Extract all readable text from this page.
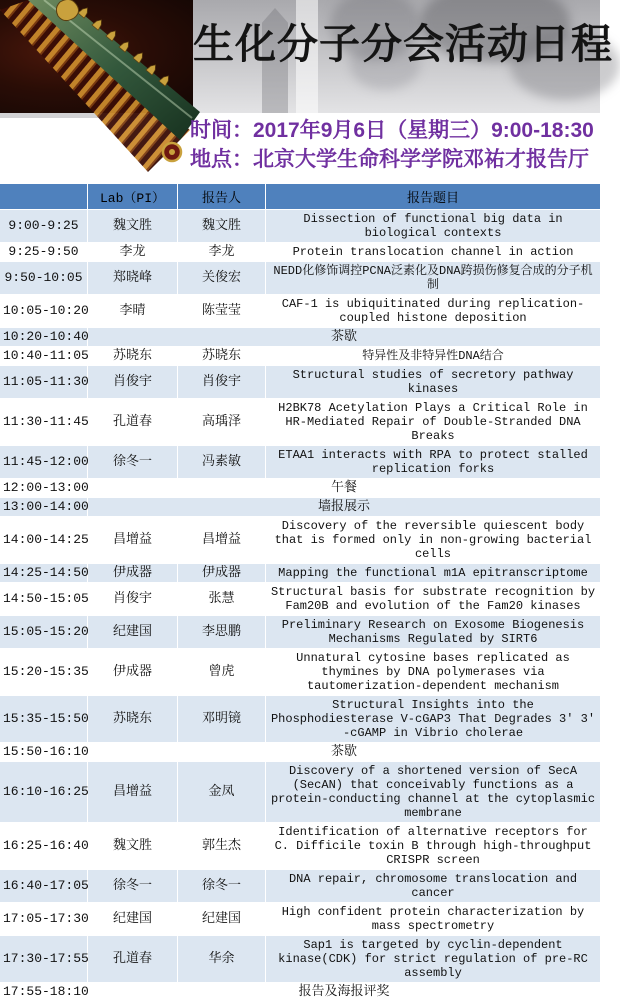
生化分子分会活动日程
时间：2017年9月6日（星期三）9:00-18:30
地点：北京大学生命科学学院邓祐才报告厅
	Lab（PI）	报告人	报告题目
9:00-9:25	魏文胜	魏文胜	Dissection of functional big data in biological contexts
9:25-9:50	李龙	李龙	Protein translocation channel in action
9:50-10:05	郑晓峰	关俊宏	NEDD化修饰调控PCNA泛素化及DNA跨损伤修复合成的分子机制
10:05-10:20	李晴	陈莹莹	CAF-1 is ubiquitinated during replication-coupled histone deposition
10:20-10:40	茶歇		
10:40-11:05	苏晓东	苏晓东	特异性及非特异性DNA结合
11:05-11:30	肖俊宇	肖俊宇	Structural studies of secretory pathway kinases
11:30-11:45	孔道春	高瑀泽	H2BK78 Acetylation Plays a Critical Role in HR-Mediated Repair of Double-Stranded DNA Breaks
11:45-12:00	徐冬一	冯素敏	ETAA1 interacts with RPA to protect stalled replication forks
12:00-13:00	午餐		
13:00-14:00	墙报展示		
14:00-14:25	昌增益	昌增益	Discovery of the reversible quiescent body that is formed only in non-growing bacterial cells
14:25-14:50	伊成器	伊成器	Mapping the functional m1A epitranscriptome
14:50-15:05	肖俊宇	张慧	Structural basis for substrate recognition by Fam20B and evolution of the Fam20 kinases
15:05-15:20	纪建国	李思鹏	Preliminary Research on Exosome Biogenesis Mechanisms Regulated by SIRT6
15:20-15:35	伊成器	曾虎	Unnatural cytosine bases replicated as thymines by DNA polymerases via tautomerization-dependent mechanism
15:35-15:50	苏晓东	邓明镜	Structural Insights into the Phosphodiesterase V-cGAP3 That Degrades 3′ 3′ -cGAMP in Vibrio cholerae
15:50-16:10	茶歇		
16:10-16:25	昌增益	金凤	Discovery of a shortened version of SecA (SecAN) that conceivably functions as a protein-conducting channel at the cytoplasmic membrane
16:25-16:40	魏文胜	郭生杰	Identification of alternative receptors for C. Difficile toxin B through high-throughput CRISPR screen
16:40-17:05	徐冬一	徐冬一	DNA repair, chromosome translocation and cancer
17:05-17:30	纪建国	纪建国	High confident protein characterization by mass spectrometry
17:30-17:55	孔道春	华余	Sap1 is targeted by cyclin-dependent kinase(CDK) for strict regulation of pre-RC assembly
17:55-18:10	报告及海报评奖		
